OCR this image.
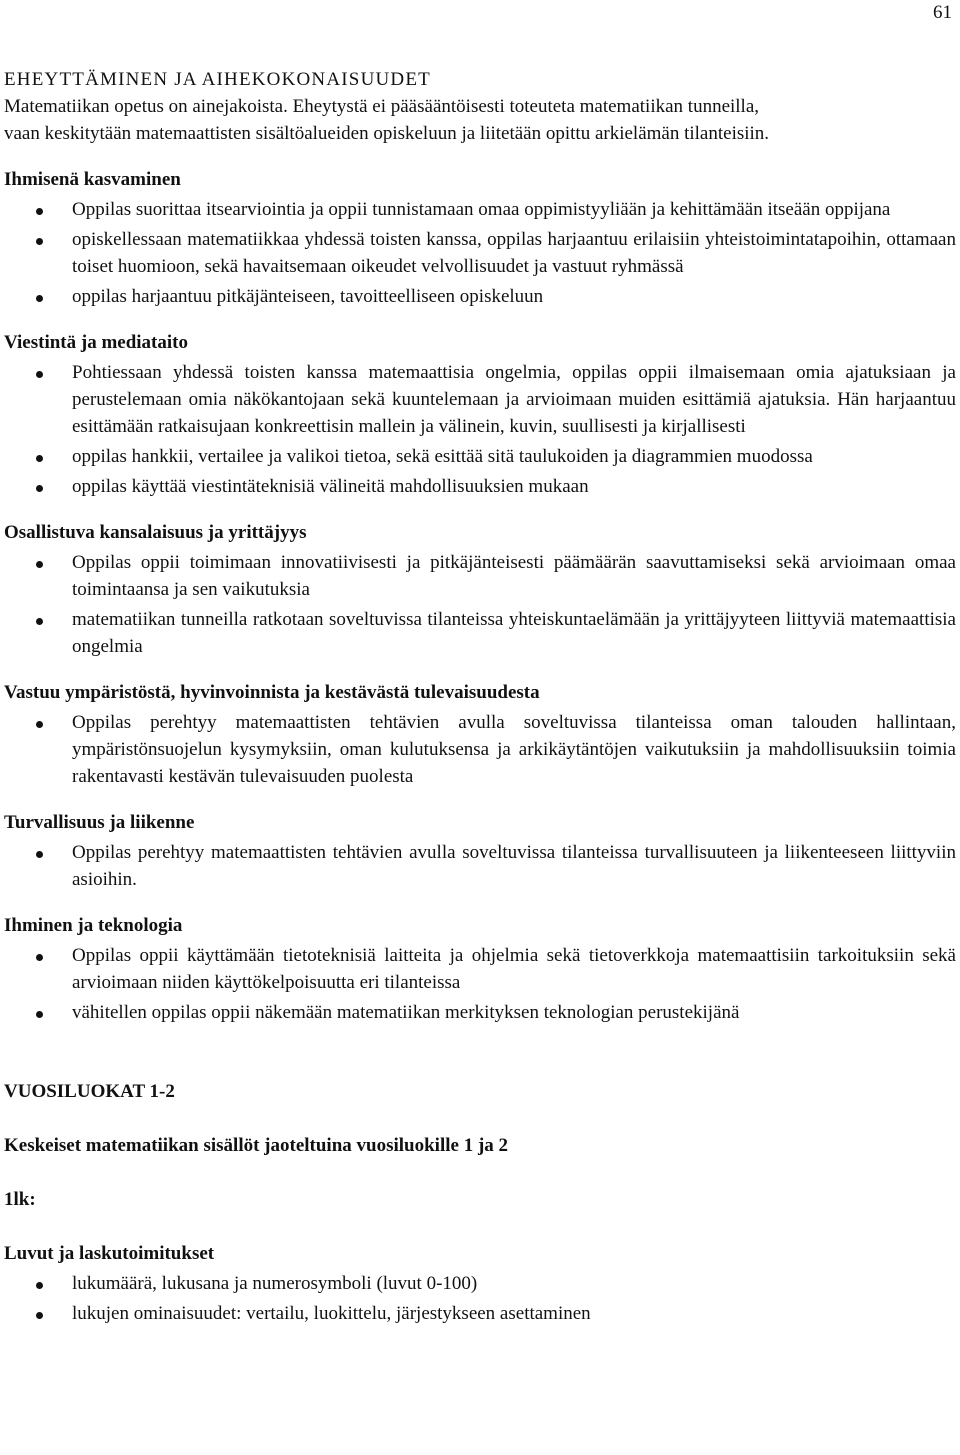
61
EHEYTTÄMINEN JA AIHEKOKONAISUUDET

Matematiikan opetus on ainejakoista. Eheytystä ei pääsääntöisesti toteuteta matematiikan tunneilla,

vaan keskitytään matemaattisten sisältöalueiden opiskeluun ja liitetään opittu arkielämän tilanteisiin.

Ihmisenä kasvaminen
Oppilas suorittaa itsearviointia ja oppii tunnistamaan omaa oppimistyyliään ja kehittämään itseään oppijana
opiskellessaan matematiikkaa yhdessä toisten kanssa, oppilas harjaantuu erilaisiin yhteistoimintatapoihin, ottamaan toiset huomioon, sekä havaitsemaan oikeudet velvollisuudet ja vastuut ryhmässä
oppilas harjaantuu pitkäjänteiseen, tavoitteelliseen opiskeluun
Viestintä ja mediataito
Pohtiessaan yhdessä toisten kanssa matemaattisia ongelmia, oppilas oppii ilmaisemaan omia ajatuksiaan ja perustelemaan omia näkökantojaan sekä kuuntelemaan ja arvioimaan muiden esittämiä ajatuksia. Hän harjaantuu esittämään ratkaisujaan konkreettisin mallein ja välinein, kuvin, suullisesti ja kirjallisesti
oppilas hankkii, vertailee ja valikoi tietoa, sekä esittää sitä taulukoiden ja diagrammien muodossa
oppilas käyttää viestintäteknisiä välineitä mahdollisuuksien mukaan
Osallistuva kansalaisuus ja yrittäjyys
Oppilas oppii toimimaan innovatiivisesti ja pitkäjänteisesti päämäärän saavuttamiseksi sekä arvioimaan omaa toimintaansa ja sen vaikutuksia
matematiikan tunneilla ratkotaan soveltuvissa tilanteissa yhteiskuntaelämään ja yrittäjyyteen liittyviä matemaattisia ongelmia
Vastuu ympäristöstä, hyvinvoinnista ja kestävästä tulevaisuudesta
Oppilas perehtyy matemaattisten tehtävien avulla soveltuvissa tilanteissa oman talouden hallintaan, ympäristönsuojelun kysymyksiin, oman kulutuksensa ja arkikäytäntöjen vaikutuksiin ja mahdollisuuksiin toimia rakentavasti kestävän tulevaisuuden puolesta
Turvallisuus ja liikenne
Oppilas perehtyy matemaattisten tehtävien avulla soveltuvissa tilanteissa turvallisuuteen ja liikenteeseen liittyviin asioihin.
Ihminen ja teknologia
Oppilas oppii käyttämään tietoteknisiä laitteita ja ohjelmia sekä tietoverkkoja matemaattisiin tarkoituksiin sekä arvioimaan niiden käyttökelpoisuutta eri tilanteissa
vähitellen oppilas oppii näkemään matematiikan merkityksen teknologian perustekijänä
VUOSILUOKAT 1-2
Keskeiset matematiikan sisällöt jaoteltuina vuosiluokille 1 ja 2
1lk:
Luvut ja laskutoimitukset
lukumäärä, lukusana ja numerosymboli (luvut 0-100)
lukujen ominaisuudet: vertailu, luokittelu, järjestykseen asettaminen
